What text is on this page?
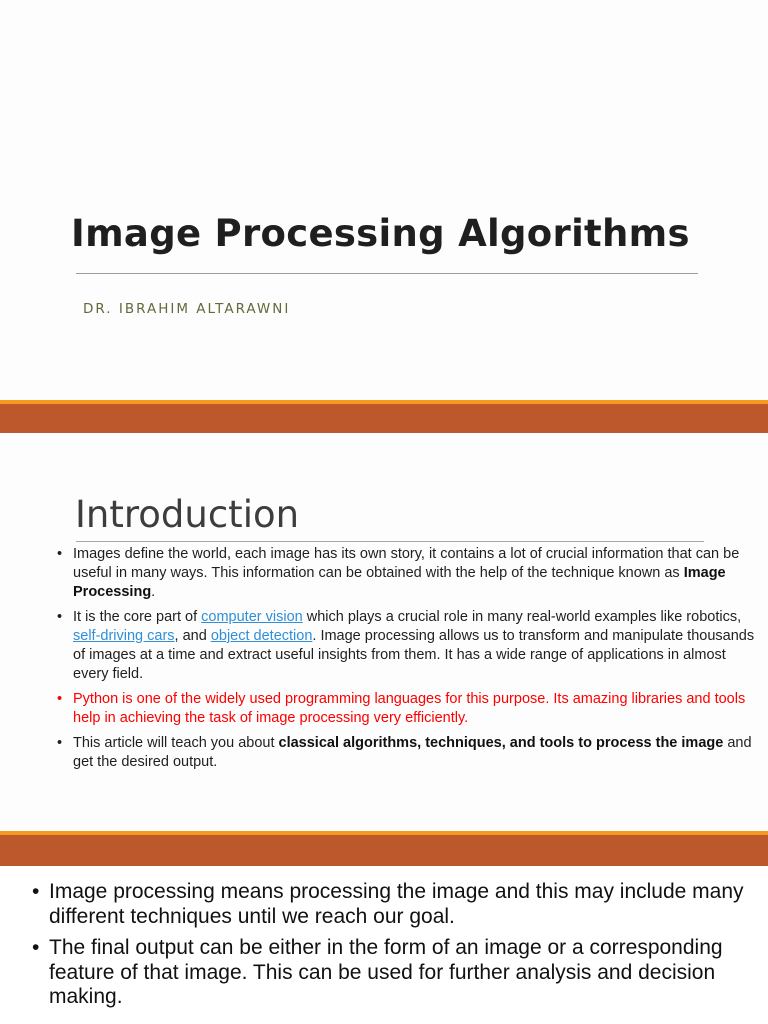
Image Processing Algorithms
DR. IBRAHIM ALTARAWNI
Introduction
• Images define the world, each image has its own story, it contains a lot of crucial information that can be useful in many ways. This information can be obtained with the help of the technique known as Image Processing.
• It is the core part of computer vision which plays a crucial role in many real-world examples like robotics, self-driving cars, and object detection. Image processing allows us to transform and manipulate thousands of images at a time and extract useful insights from them. It has a wide range of applications in almost every field.
• Python is one of the widely used programming languages for this purpose. Its amazing libraries and tools help in achieving the task of image processing very efficiently.
• This article will teach you about classical algorithms, techniques, and tools to process the image and get the desired output.
• Image processing means processing the image and this may include many different techniques until we reach our goal.
• The final output can be either in the form of an image or a corresponding feature of that image. This can be used for further analysis and decision making.
